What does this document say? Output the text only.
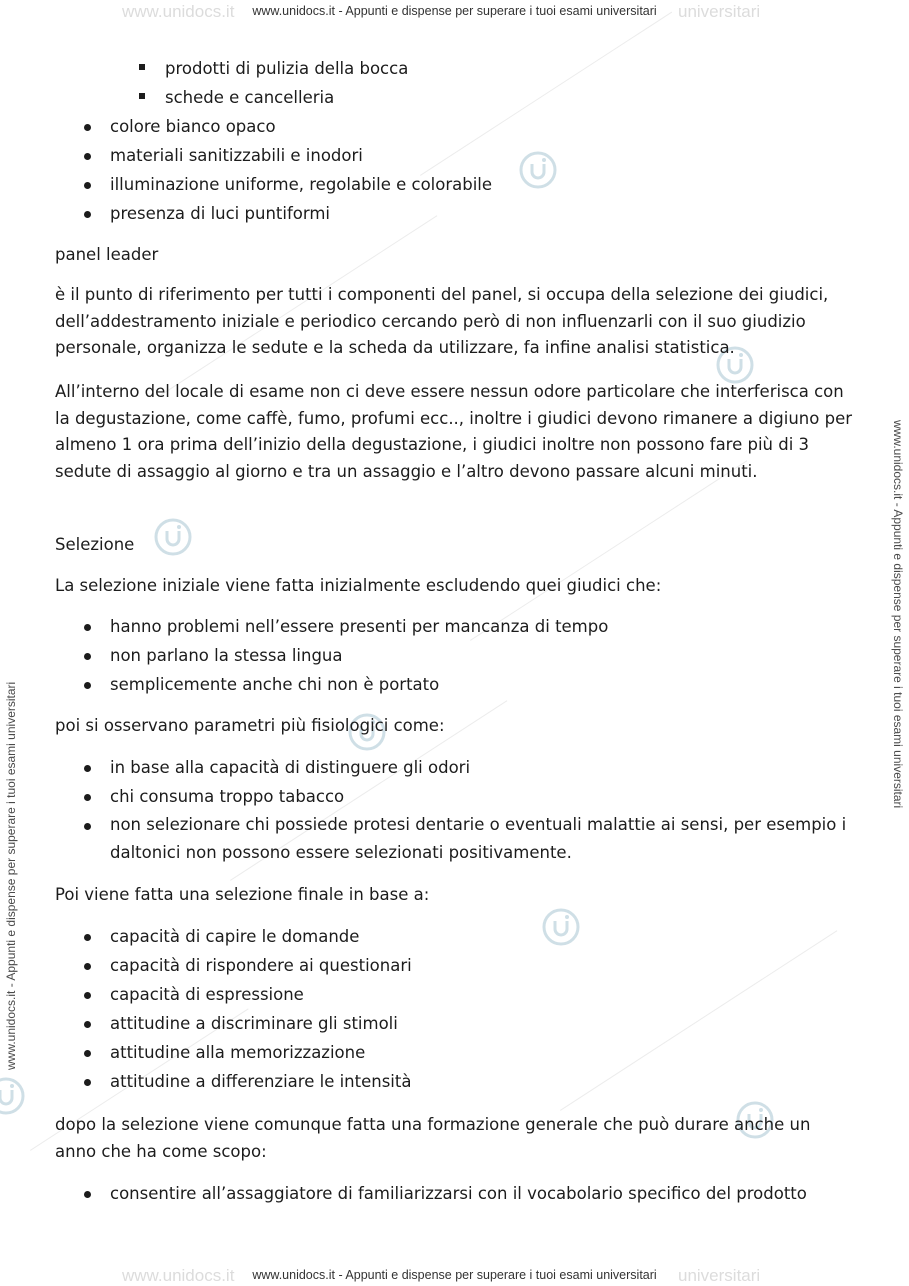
www.unidocs.it	universitari
www.unidocs.it	universitari
www.unidocs.it - Appunti e dispense per superare i tuoi esami universitari
www.unidocs.it - Appunti e dispense per superare i tuoi esami universitari
www.unidocs.it - Appunti e dispense per superare i tuoi esami universitari
www.unidocs.it - Appunti e dispense per superare i tuoi esami universitari
prodotti di pulizia della bocca
schede e cancelleria
colore bianco opaco
materiali sanitizzabili e inodori
illuminazione uniforme, regolabile e colorabile
presenza di luci puntiformi

panel leader

è il punto di riferimento per tutti i componenti del panel, si occupa della selezione dei giudici, dell’addestramento iniziale e periodico cercando però di non influenzarli con il suo giudizio personale, organizza le sedute e la scheda da utilizzare, fa infine analisi statistica.

All’interno del locale di esame non ci deve essere nessun odore particolare che interferisca con la degustazione, come caffè, fumo, profumi ecc.., inoltre i giudici devono rimanere a digiuno per almeno 1 ora prima dell’inizio della degustazione, i giudici inoltre non possono fare più di 3 sedute di assaggio al giorno e tra un assaggio e l’altro devono passare alcuni minuti.

Selezione

La selezione iniziale viene fatta inizialmente escludendo quei giudici che:

hanno problemi nell’essere presenti per mancanza di tempo
non parlano la stessa lingua
semplicemente anche chi non è portato

poi si osservano parametri più fisiologici come:

in base alla capacità di distinguere gli odori
chi consuma troppo tabacco
non selezionare chi possiede protesi dentarie o eventuali malattie ai sensi, per esempio i daltonici non possono essere selezionati positivamente.

Poi viene fatta una selezione finale in base a:

capacità di capire le domande
capacità di rispondere ai questionari
capacità di espressione
attitudine a discriminare gli stimoli
attitudine alla memorizzazione
attitudine a differenziare le intensità

dopo la selezione viene comunque fatta una formazione generale che può durare anche un anno che ha come scopo:

consentire all’assaggiatore di familiarizzarsi con il vocabolario specifico del prodotto
